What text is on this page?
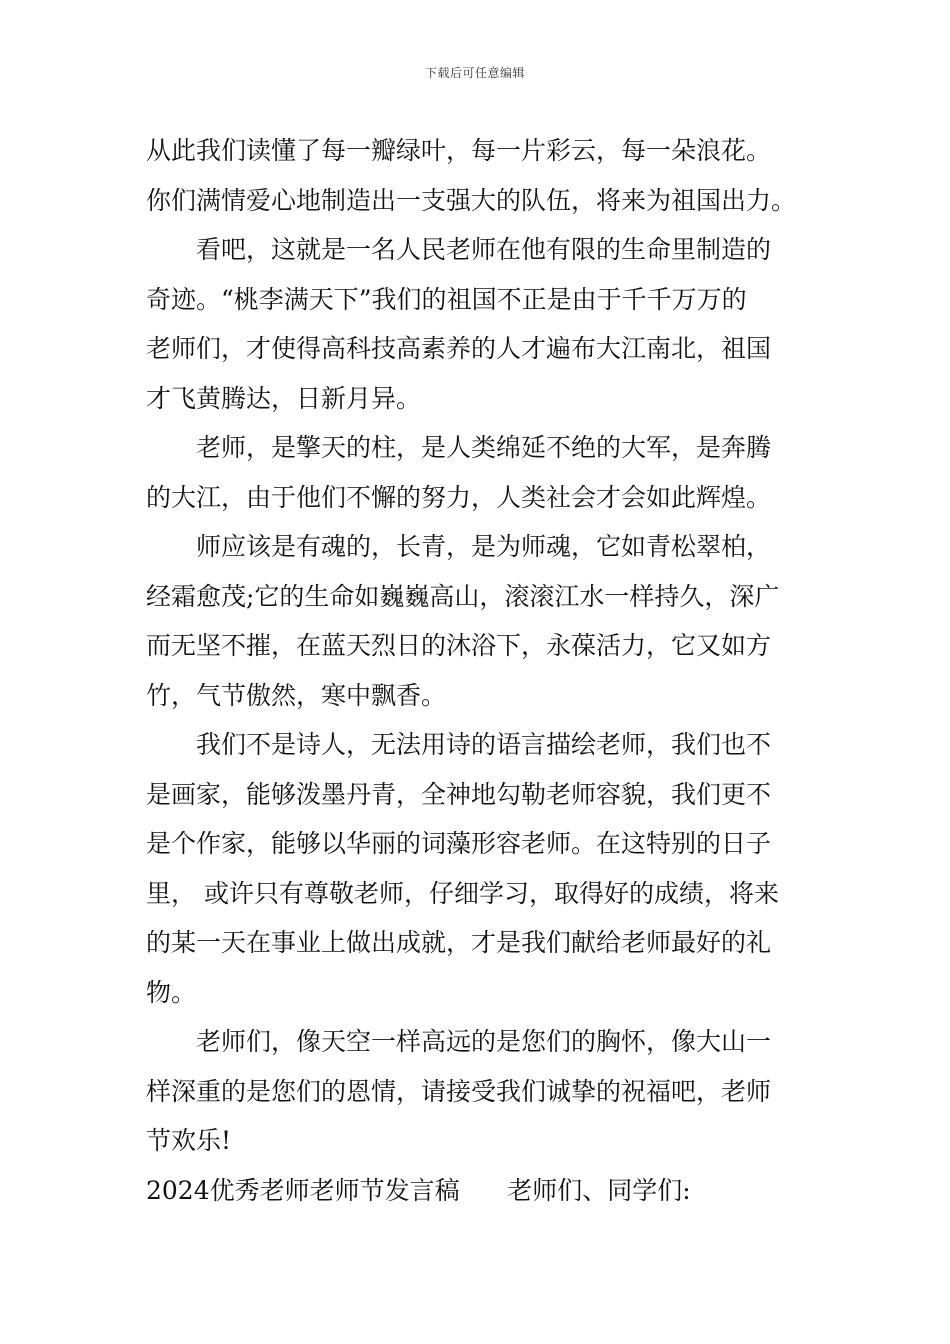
下载后可任意编辑
从此我们读懂了每一瓣绿叶，每一片彩云，每一朵浪花。
你们满情爱心地制造出一支强大的队伍，将来为祖国出力。
看吧，这就是一名人民老师在他有限的生命里制造的
奇迹。“桃李满天下”我们的祖国不正是由于千千万万的
老师们，才使得高科技高素养的人才遍布大江南北，祖国
才飞黄腾达，日新月异。
老师，是擎天的柱，是人类绵延不绝的大军，是奔腾
的大江，由于他们不懈的努力，人类社会才会如此辉煌。
师应该是有魂的，长青，是为师魂，它如青松翠柏，
经霜愈茂;它的生命如巍巍高山，滚滚江水一样持久，深广
而无坚不摧，在蓝天烈日的沐浴下，永葆活力，它又如方
竹，气节傲然，寒中飘香。
我们不是诗人，无法用诗的语言描绘老师，我们也不
是画家，能够泼墨丹青，全神地勾勒老师容貌，我们更不
是个作家，能够以华丽的词藻形容老师。在这特别的日子
里， 或许只有尊敬老师，仔细学习，取得好的成绩，将来
的某一天在事业上做出成就，才是我们献给老师最好的礼
物。
老师们，像天空一样高远的是您们的胸怀，像大山一
样深重的是您们的恩情，请接受我们诚挚的祝福吧，老师
节欢乐!
2024优秀老师老师节发言稿      老师们、同学们:
